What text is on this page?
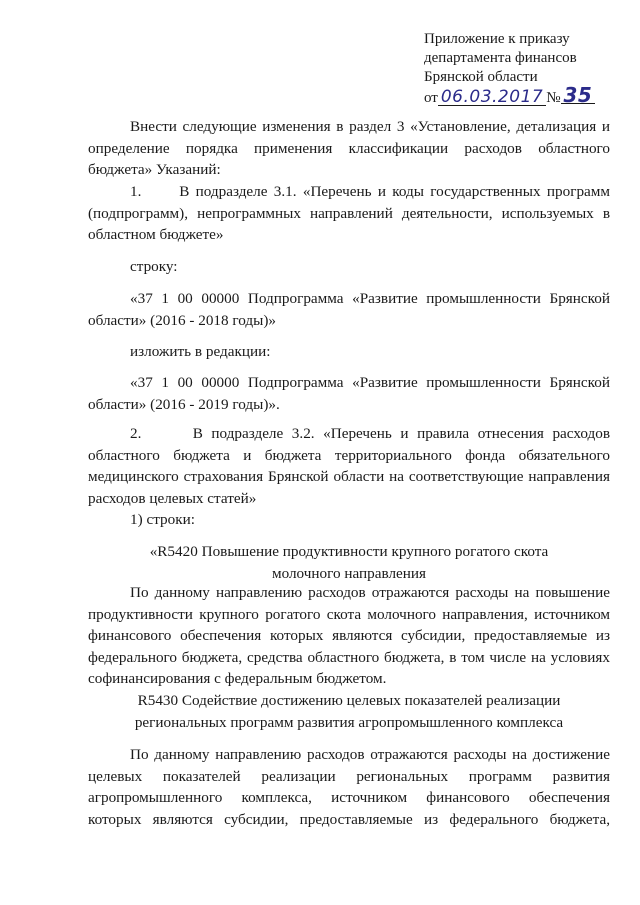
Приложение к приказу
департамента финансов
Брянской области
от 06.03.2017 № 35
Внести следующие изменения в раздел 3 «Установление, детализация и
определение порядка применения классификации расходов областного
бюджета» Указаний:
1.      В подразделе 3.1. «Перечень и коды государственных программ
(подпрограмм), непрограммных направлений деятельности, используемых в
областном бюджете»
строку:
«37 1 00 00000 Подпрограмма «Развитие промышленности Брянской
области» (2016 - 2018 годы)»
изложить в редакции:
«37 1 00 00000 Подпрограмма «Развитие промышленности Брянской
области» (2016 - 2019 годы)».
2.      В подразделе 3.2. «Перечень и правила отнесения расходов
областного бюджета и бюджета территориального фонда обязательного
медицинского страхования Брянской области на соответствующие направления
расходов целевых статей»
1) строки:
«R5420 Повышение продуктивности крупного рогатого скота
молочного направления
По данному направлению расходов отражаются расходы на повышение
продуктивности крупного рогатого скота молочного направления, источником
финансового обеспечения которых являются субсидии, предоставляемые из
федерального бюджета, средства областного бюджета, в том числе на условиях
софинансирования с федеральным бюджетом.
R5430 Содействие достижению целевых показателей реализации
региональных программ развития агропромышленного комплекса
По данному направлению расходов отражаются расходы на достижение
целевых показателей реализации региональных программ развития
агропромышленного комплекса, источником финансового обеспечения
которых являются субсидии, предоставляемые из федерального бюджета,
